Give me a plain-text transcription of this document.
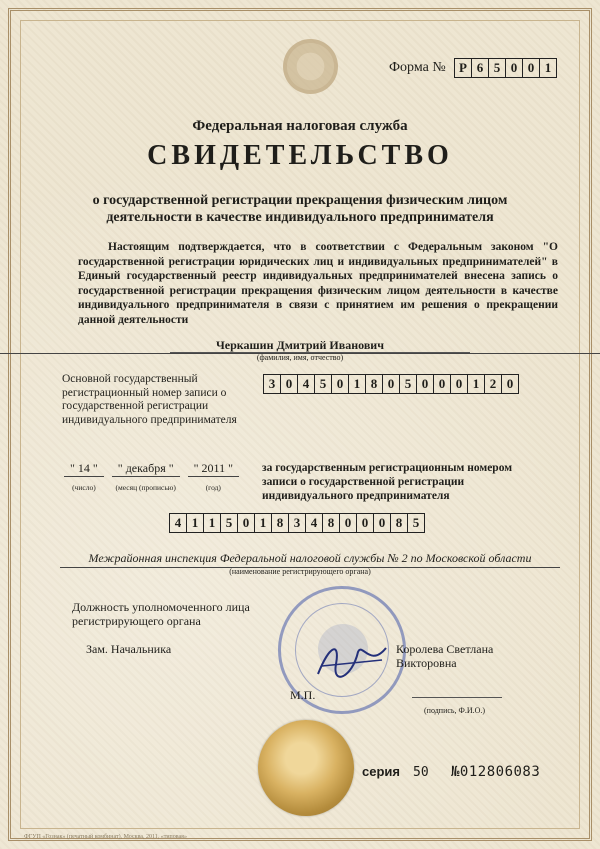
Форма №	Р 6 5 0 0 1
Федеральная налоговая служба
СВИДЕТЕЛЬСТВО
о государственной регистрации прекращения физическим лицом
деятельности в качестве индивидуального предпринимателя
Настоящим подтверждается, что в соответствии с Федеральным законом "О государственной регистрации юридических лиц и индивидуальных предпринимателей" в Единый государственный реестр индивидуальных предпринимателей внесена запись о государственной регистрации прекращения физическим лицом деятельности в качестве индивидуального предпринимателя в связи с принятием им решения о прекращении данной деятельности
Черкашин Дмитрий Иванович
(фамилия, имя, отчество)
Основной государственный регистрационный номер записи о государственной регистрации индивидуального предпринимателя
3 0 4 5 0 1 8 0 5 0 0 0 1 2 0
" 14 "
(число)
" декабря "
(месяц (прописью)
" 2011 "
(год)
за государственным регистрационным номером записи о государственной регистрации индивидуального предпринимателя
4 1 1 5 0 1 8 3 4 8 0 0 0 8 5
Межрайонная инспекция Федеральной налоговой службы № 2 по Московской области
(наименование регистрирующего органа)
Должность уполномоченного лица регистрирующего органа
Зам. Начальника	Королева Светлана
Викторовна
М.П.
(подпись, Ф.И.О.)
серия 50 №012806083
ФГУП «Гознак» (печатный комбинат), Москва, 2011, «типовая»
